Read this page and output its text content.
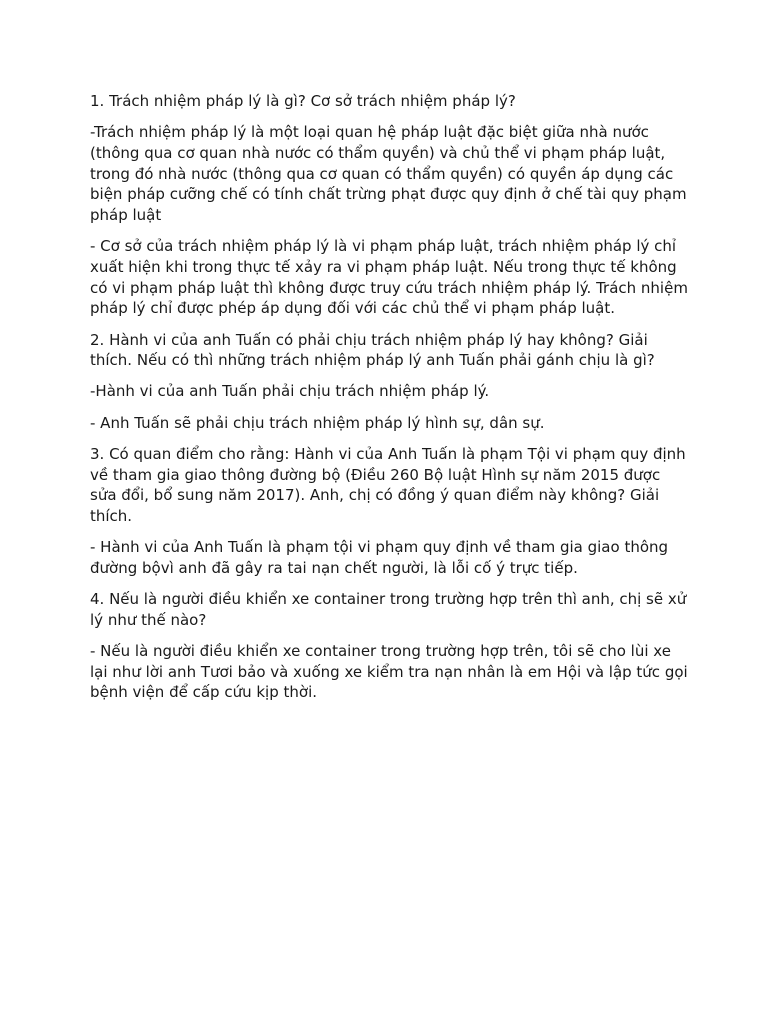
1. Trách nhiệm pháp lý là gì? Cơ sở trách nhiệm pháp lý?

-Trách nhiệm pháp lý là một loại quan hệ pháp luật đặc biệt giữa nhà nước (thông qua cơ quan nhà nước có thẩm quyền) và chủ thể vi phạm pháp luật, trong đó nhà nước (thông qua cơ quan có thẩm quyền) có quyền áp dụng các biện pháp cưỡng chế có tính chất trừng phạt được quy định ở chế tài quy phạm pháp luật

- Cơ sở của trách nhiệm pháp lý là vi phạm pháp luật, trách nhiệm pháp lý chỉ xuất hiện khi trong thực tế xảy ra vi phạm pháp luật. Nếu trong thực tế không có vi phạm pháp luật thì không được truy cứu trách nhiệm pháp lý. Trách nhiệm pháp lý chỉ được phép áp dụng đối với các chủ thể vi phạm pháp luật.

2. Hành vi của anh Tuấn có phải chịu trách nhiệm pháp lý hay không? Giải thích. Nếu có thì những trách nhiệm pháp lý anh Tuấn phải gánh chịu là gì?

-Hành vi của anh Tuấn phải chịu trách nhiệm pháp lý.

- Anh Tuấn sẽ phải chịu trách nhiệm pháp lý hình sự, dân sự.

3. Có quan điểm cho rằng: Hành vi của Anh Tuấn là phạm Tội vi phạm quy định về tham gia giao thông đường bộ (Điều 260 Bộ luật Hình sự năm 2015 được sửa đổi, bổ sung năm 2017). Anh, chị có đồng ý quan điểm này không? Giải thích.

- Hành vi của Anh Tuấn là phạm tội vi phạm quy định về tham gia giao thông đường bộvì anh đã gây ra tai nạn chết người, là lỗi cố ý trực tiếp.

4. Nếu là người điều khiển xe container trong trường hợp trên thì anh, chị sẽ xử lý như thế nào?

- Nếu là người điều khiển xe container trong trường hợp trên, tôi sẽ cho lùi xe lại như lời anh Tươi bảo và xuống xe kiểm tra nạn nhân là em Hội và lập tức gọi bệnh viện để cấp cứu kịp thời.
